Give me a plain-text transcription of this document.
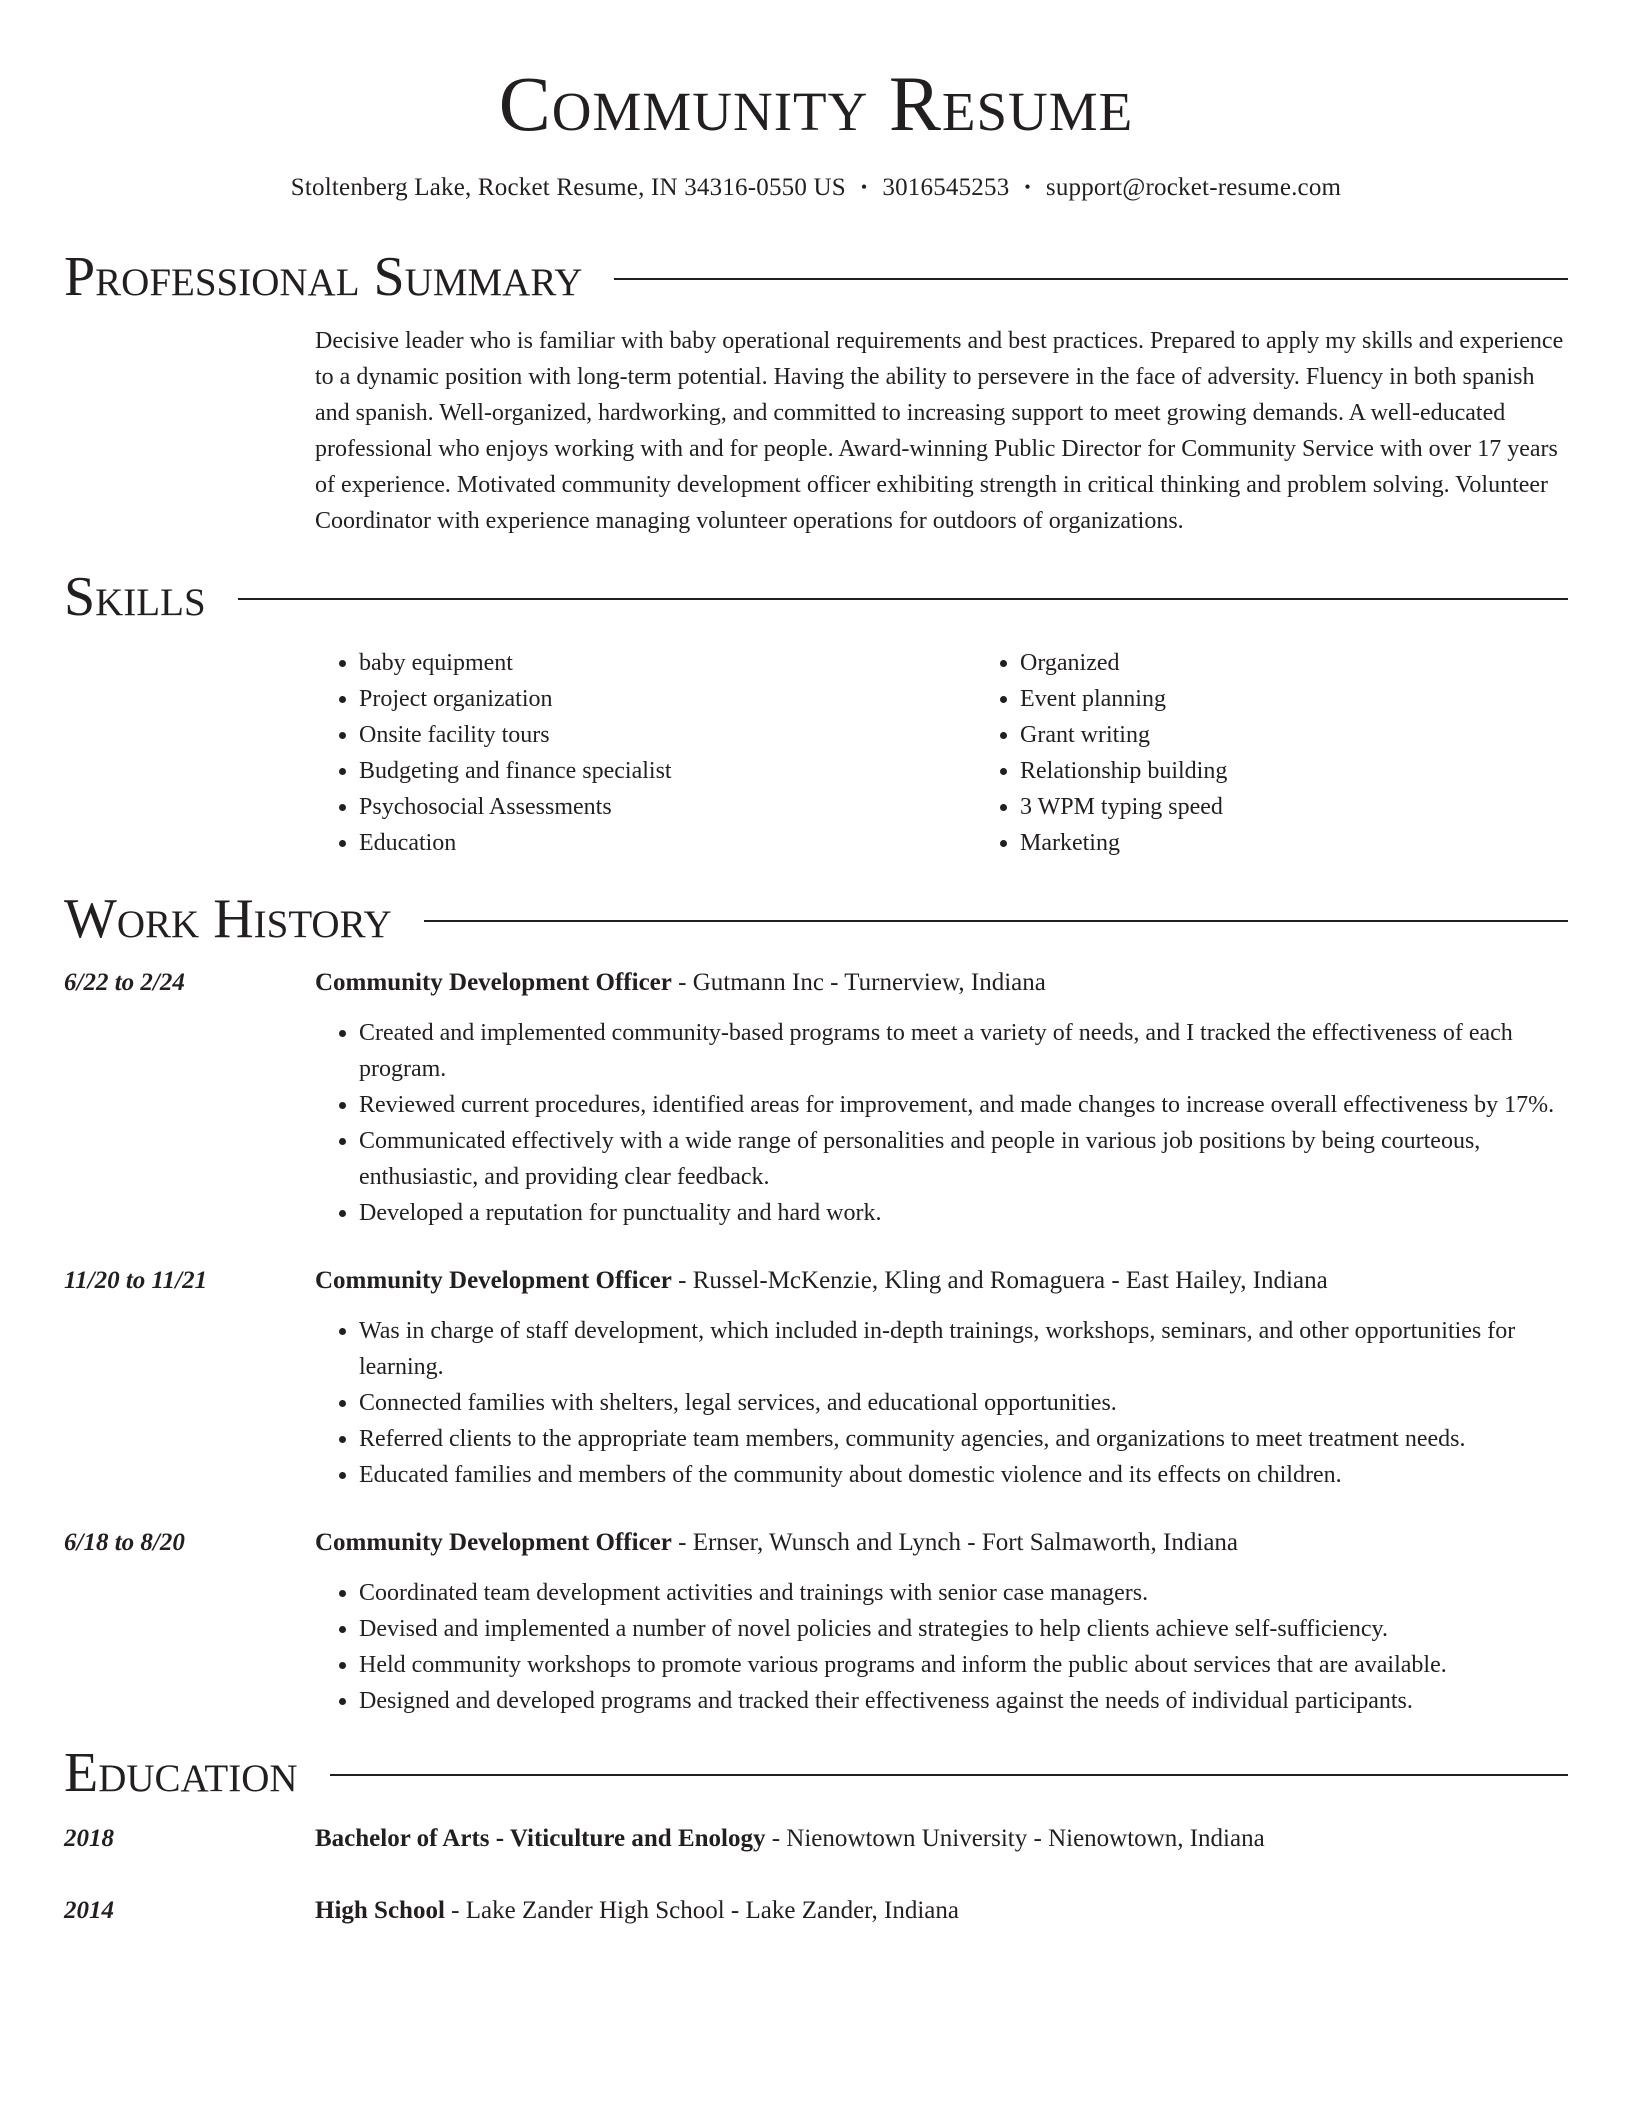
Community Resume
Stoltenberg Lake, Rocket Resume, IN 34316-0550 US • 3016545253 • support@rocket-resume.com
Professional Summary
Decisive leader who is familiar with baby operational requirements and best practices. Prepared to apply my skills and experience to a dynamic position with long-term potential. Having the ability to persevere in the face of adversity. Fluency in both spanish and spanish. Well-organized, hardworking, and committed to increasing support to meet growing demands. A well-educated professional who enjoys working with and for people. Award-winning Public Director for Community Service with over 17 years of experience. Motivated community development officer exhibiting strength in critical thinking and problem solving. Volunteer Coordinator with experience managing volunteer operations for outdoors of organizations.
Skills
• baby equipment
• Project organization
• Onsite facility tours
• Budgeting and finance specialist
• Psychosocial Assessments
• Education
• Organized
• Event planning
• Grant writing
• Relationship building
• 3 WPM typing speed
• Marketing
Work History
6/22 to 2/24	Community Development Officer - Gutmann Inc - Turnerview, Indiana
• Created and implemented community-based programs to meet a variety of needs, and I tracked the effectiveness of each program.
• Reviewed current procedures, identified areas for improvement, and made changes to increase overall effectiveness by 17%.
• Communicated effectively with a wide range of personalities and people in various job positions by being courteous, enthusiastic, and providing clear feedback.
• Developed a reputation for punctuality and hard work.
11/20 to 11/21	Community Development Officer - Russel-McKenzie, Kling and Romaguera - East Hailey, Indiana
• Was in charge of staff development, which included in-depth trainings, workshops, seminars, and other opportunities for learning.
• Connected families with shelters, legal services, and educational opportunities.
• Referred clients to the appropriate team members, community agencies, and organizations to meet treatment needs.
• Educated families and members of the community about domestic violence and its effects on children.
6/18 to 8/20	Community Development Officer - Ernser, Wunsch and Lynch - Fort Salmaworth, Indiana
• Coordinated team development activities and trainings with senior case managers.
• Devised and implemented a number of novel policies and strategies to help clients achieve self-sufficiency.
• Held community workshops to promote various programs and inform the public about services that are available.
• Designed and developed programs and tracked their effectiveness against the needs of individual participants.
Education
2018	Bachelor of Arts - Viticulture and Enology - Nienowtown University - Nienowtown, Indiana
2014	High School - Lake Zander High School - Lake Zander, Indiana
